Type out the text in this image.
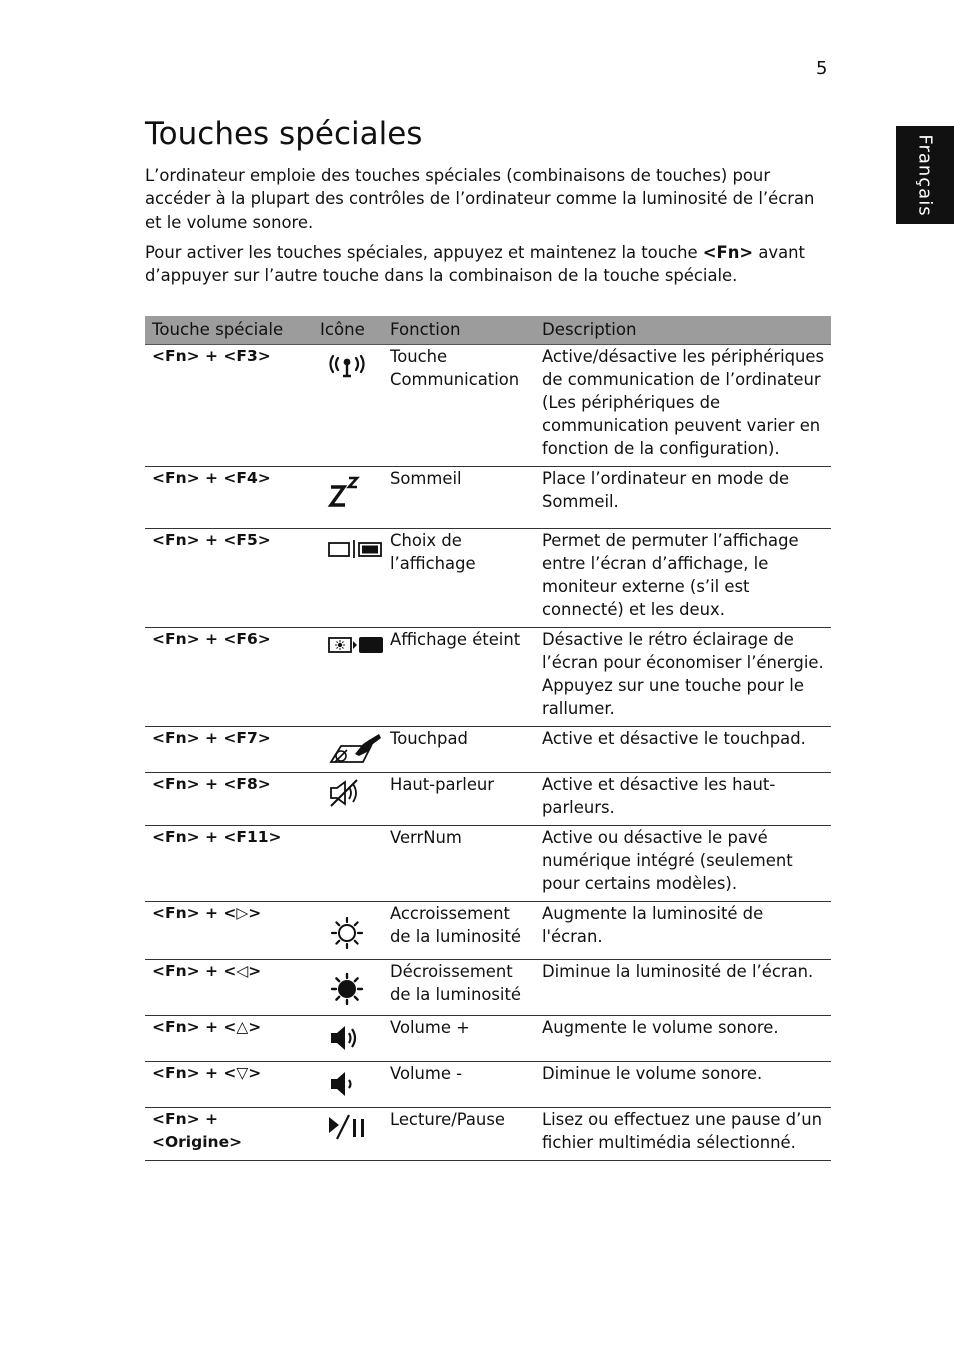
5
Français
Touches spéciales

L’ordinateur emploie des touches spéciales (combinaisons de touches) pour accéder à la plupart des contrôles de l’ordinateur comme la luminosité de l’écran et le volume sonore.

Pour activer les touches spéciales, appuyez et maintenez la touche <Fn> avant d’appuyer sur l’autre touche dans la combinaison de la touche spéciale.

Touche spéciale	Icône	Fonction	Description
<Fn> + <F3>		Touche Communication	Active/désactive les périphériques de communication de l’ordinateur (Les périphériques de communication peuvent varier en fonction de la configuration).
<Fn> + <F4>		Sommeil	Place l’ordinateur en mode de Sommeil.
<Fn> + <F5>		Choix de l’affichage	Permet de permuter l’affichage entre l’écran d’affichage, le moniteur externe (s’il est connecté) et les deux.
<Fn> + <F6>		Affichage éteint	Désactive le rétro éclairage de l’écran pour économiser l’énergie. Appuyez sur une touche pour le rallumer.
<Fn> + <F7>		Touchpad	Active et désactive le touchpad.
<Fn> + <F8>		Haut-parleur	Active et désactive les haut-parleurs.
<Fn> + <F11>		VerrNum	Active ou désactive le pavé numérique intégré (seulement pour certains modèles).
<Fn> + <▷>		Accroissement de la luminosité	Augmente la luminosité de l'écran.
<Fn> + <◁>		Décroissement de la luminosité	Diminue la luminosité de l’écran.
<Fn> + <△>		Volume +	Augmente le volume sonore.
<Fn> + <▽>		Volume -	Diminue le volume sonore.
<Fn> + <Origine>		Lecture/Pause	Lisez ou effectuez une pause d’un fichier multimédia sélectionné.
